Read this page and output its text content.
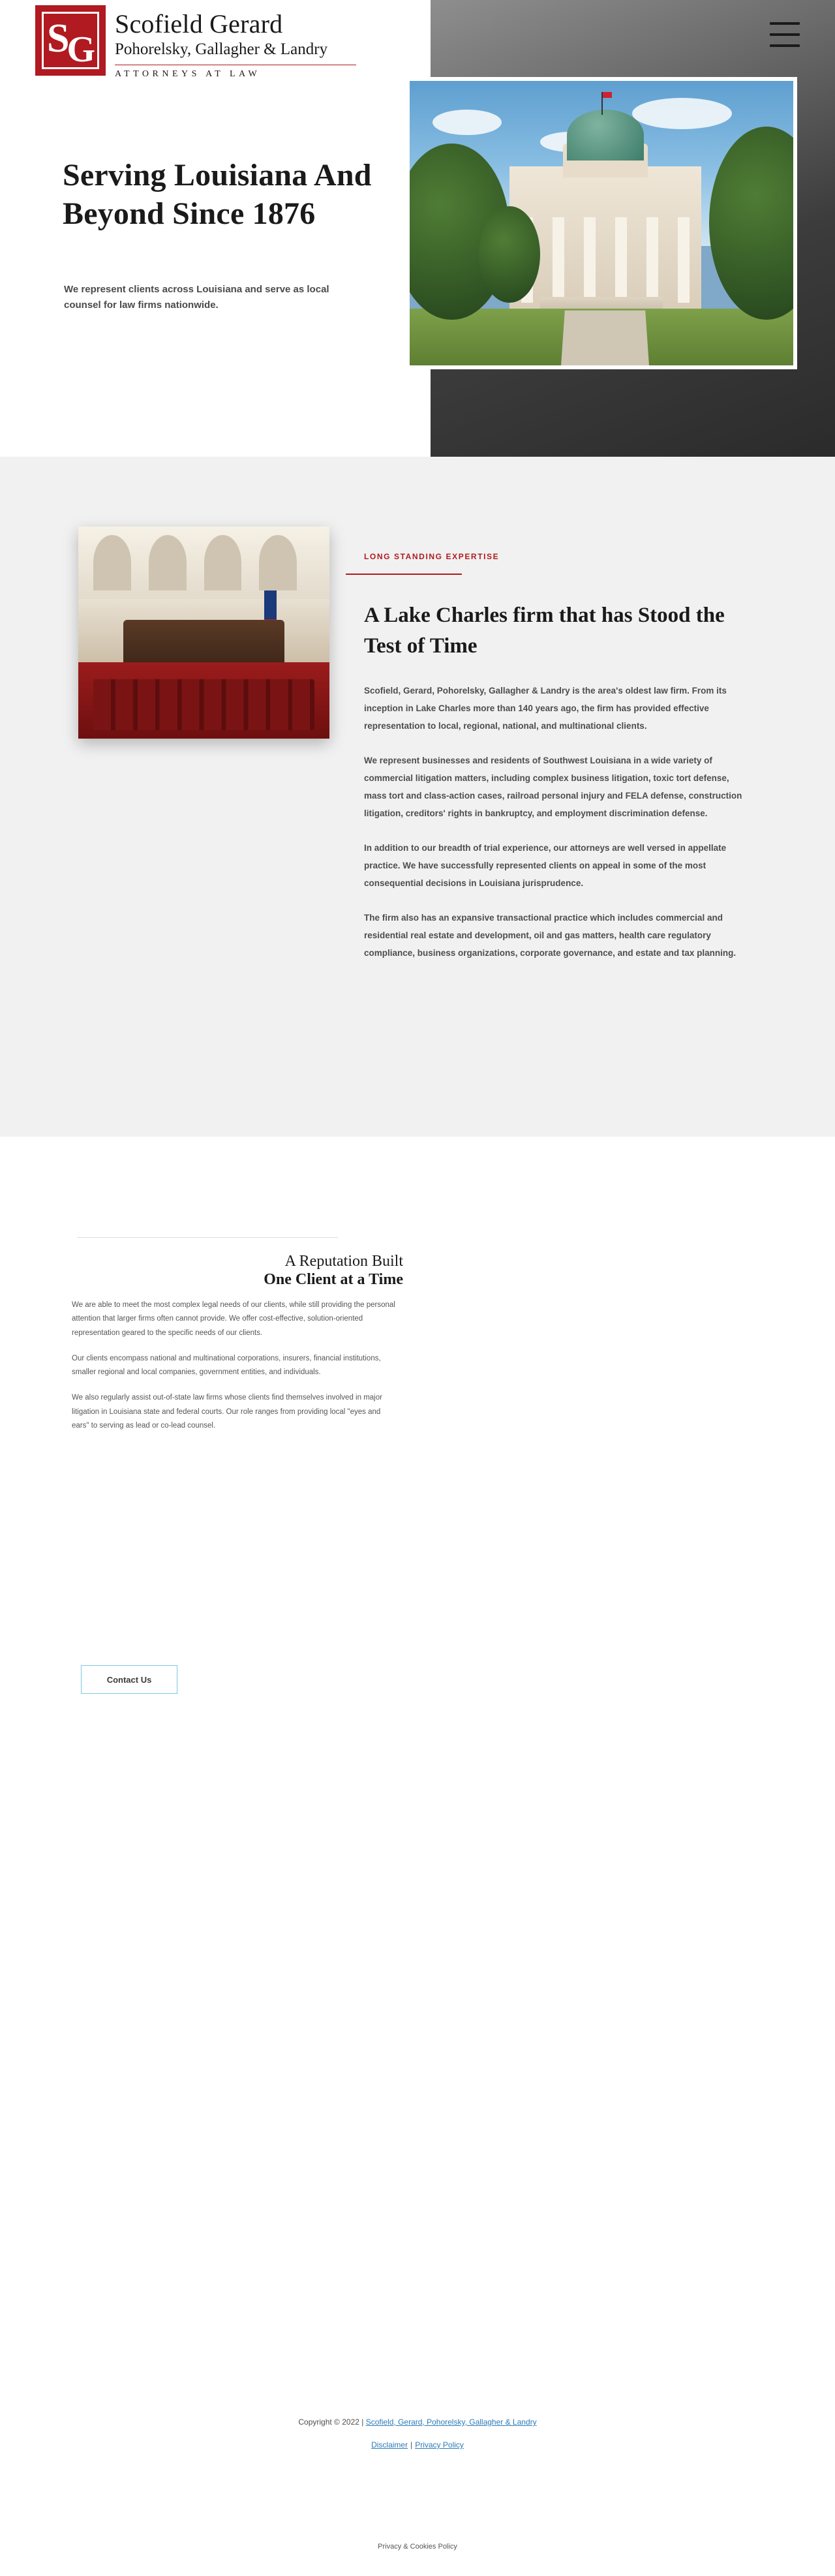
S
G
Scofield Gerard
Pohorelsky, Gallagher & Landry
ATTORNEYS AT LAW
Serving Louisiana And Beyond Since 1876

We represent clients across Louisiana and serve as local counsel for law firms nationwide.

LONG STANDING EXPERTISE
A Lake Charles firm that has Stood the Test of Time

Scofield, Gerard, Pohorelsky, Gallagher & Landry is the area's oldest law firm. From its inception in Lake Charles more than 140 years ago, the firm has provided effective representation to local, regional, national, and multinational clients.

We represent businesses and residents of Southwest Louisiana in a wide variety of commercial litigation matters, including complex business litigation, toxic tort defense, mass tort and class-action cases, railroad personal injury and FELA defense, construction litigation, creditors' rights in bankruptcy, and employment discrimination defense.

In addition to our breadth of trial experience, our attorneys are well versed in appellate practice. We have successfully represented clients on appeal in some of the most consequential decisions in Louisiana jurisprudence.

The firm also has an expansive transactional practice which includes commercial and residential real estate and development, oil and gas matters, health care regulatory compliance, business organizations, corporate governance, and estate and tax planning.

A Reputation Built
One Client at a Time

We are able to meet the most complex legal needs of our clients, while still providing the personal attention that larger firms often cannot provide. We offer cost-effective, solution-oriented representation geared to the specific needs of our clients.

Our clients encompass national and multinational corporations, insurers, financial institutions, smaller regional and local companies, government entities, and individuals.

We also regularly assist out-of-state law firms whose clients find themselves involved in major litigation in Louisiana state and federal courts. Our role ranges from providing local "eyes and ears" to serving as lead or co-lead counsel.

Contact Us
Copyright © 2022 | Scofield, Gerard, Pohorelsky, Gallagher & Landry
Disclaimer | Privacy Policy
Privacy & Cookies Policy
